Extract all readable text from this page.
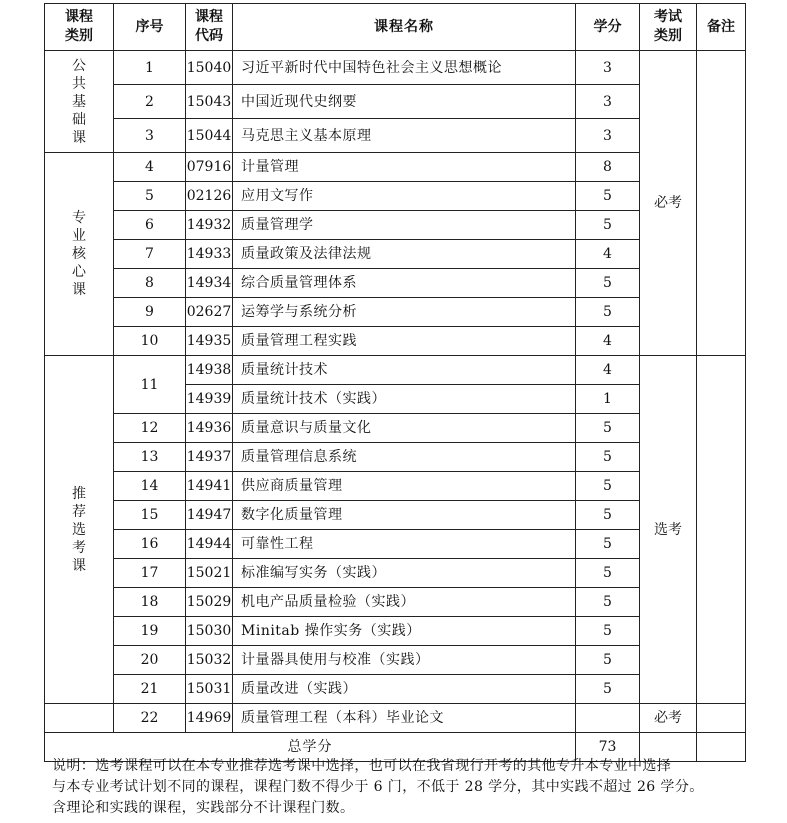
课程类别	序号	课程代码	课程名称	学分	考试类别	备注
公共基础课	1	15040	习近平新时代中国特色社会主义思想概论	3	必考	
	2	15043	中国近现代史纲要	3		
	3	15044	马克思主义基本原理	3		
专业核心课	4	07916	计量管理	8		
	5	02126	应用文写作	5		
	6	14932	质量管理学	5		
	7	14933	质量政策及法律法规	4		
	8	14934	综合质量管理体系	5		
	9	02627	运筹学与系统分析	5		
	10	14935	质量管理工程实践	4		
推荐选考课	11	14938	质量统计技术	4	选考	
		14939	质量统计技术（实践）	1		
	12	14936	质量意识与质量文化	5		
	13	14937	质量管理信息系统	5		
	14	14941	供应商质量管理	5		
	15	14947	数字化质量管理	5		
	16	14944	可靠性工程	5		
	17	15021	标准编写实务（实践）	5		
	18	15029	机电产品质量检验（实践）	5		
	19	15030	Minitab 操作实务（实践）	5		
	20	15032	计量器具使用与校准（实践）	5		
	21	15031	质量改进（实践）	5		
	22	14969	质量管理工程（本科）毕业论文		必考	
总学分				73		
说明：选考课程可以在本专业推荐选考课中选择，也可以在我省现行开考的其他专升本专业中选择
与本专业考试计划不同的课程，课程门数不得少于 6 门，不低于 28 学分，其中实践不超过 26 学分。
含理论和实践的课程，实践部分不计课程门数。
